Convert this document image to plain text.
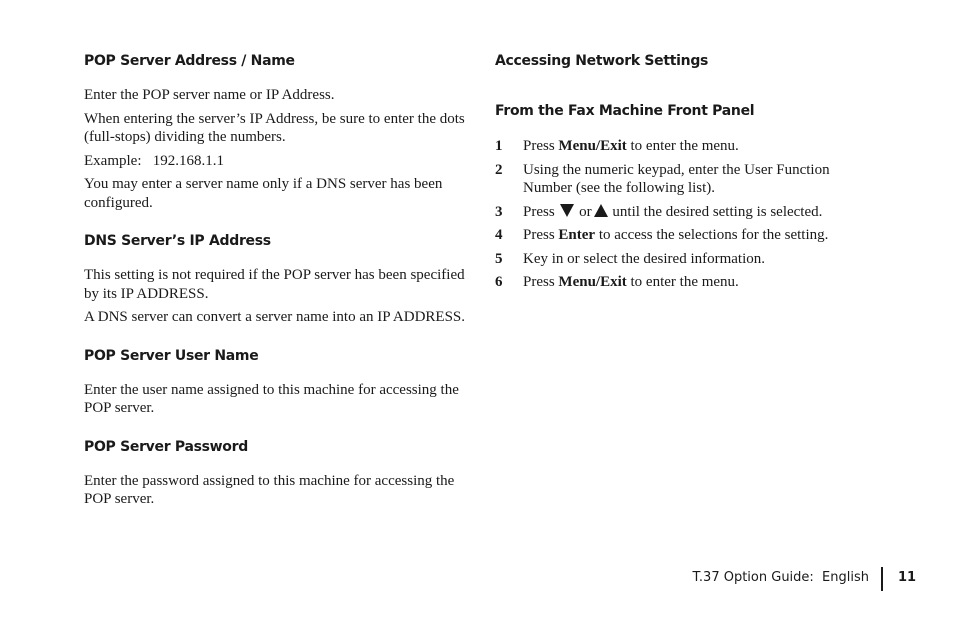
POP Server Address / Name

Enter the POP server name or IP Address.

When entering the server’s IP Address, be sure to enter the dots (full-stops) dividing the numbers.

Example:   192.168.1.1

You may enter a server name only if a DNS server has been configured.

DNS Server’s IP Address

This setting is not required if the POP server has been specified by its IP ADDRESS.

A DNS server can convert a server name into an IP ADDRESS.

POP Server User Name

Enter the user name assigned to this machine for accessing the POP server.

POP Server Password

Enter the password assigned to this machine for accessing the POP server.

Accessing Network Settings
From the Fax Machine Front Panel
1	Press Menu/Exit to enter the menu.
2	Using the numeric keypad, enter the User Function Number (see the following list).
3	Press  or until the desired setting is selected.
4	Press Enter to access the selections for the setting.
5	Key in or select the desired information.
6	Press Menu/Exit to enter the menu.
T.37 Option Guide:  English 11
